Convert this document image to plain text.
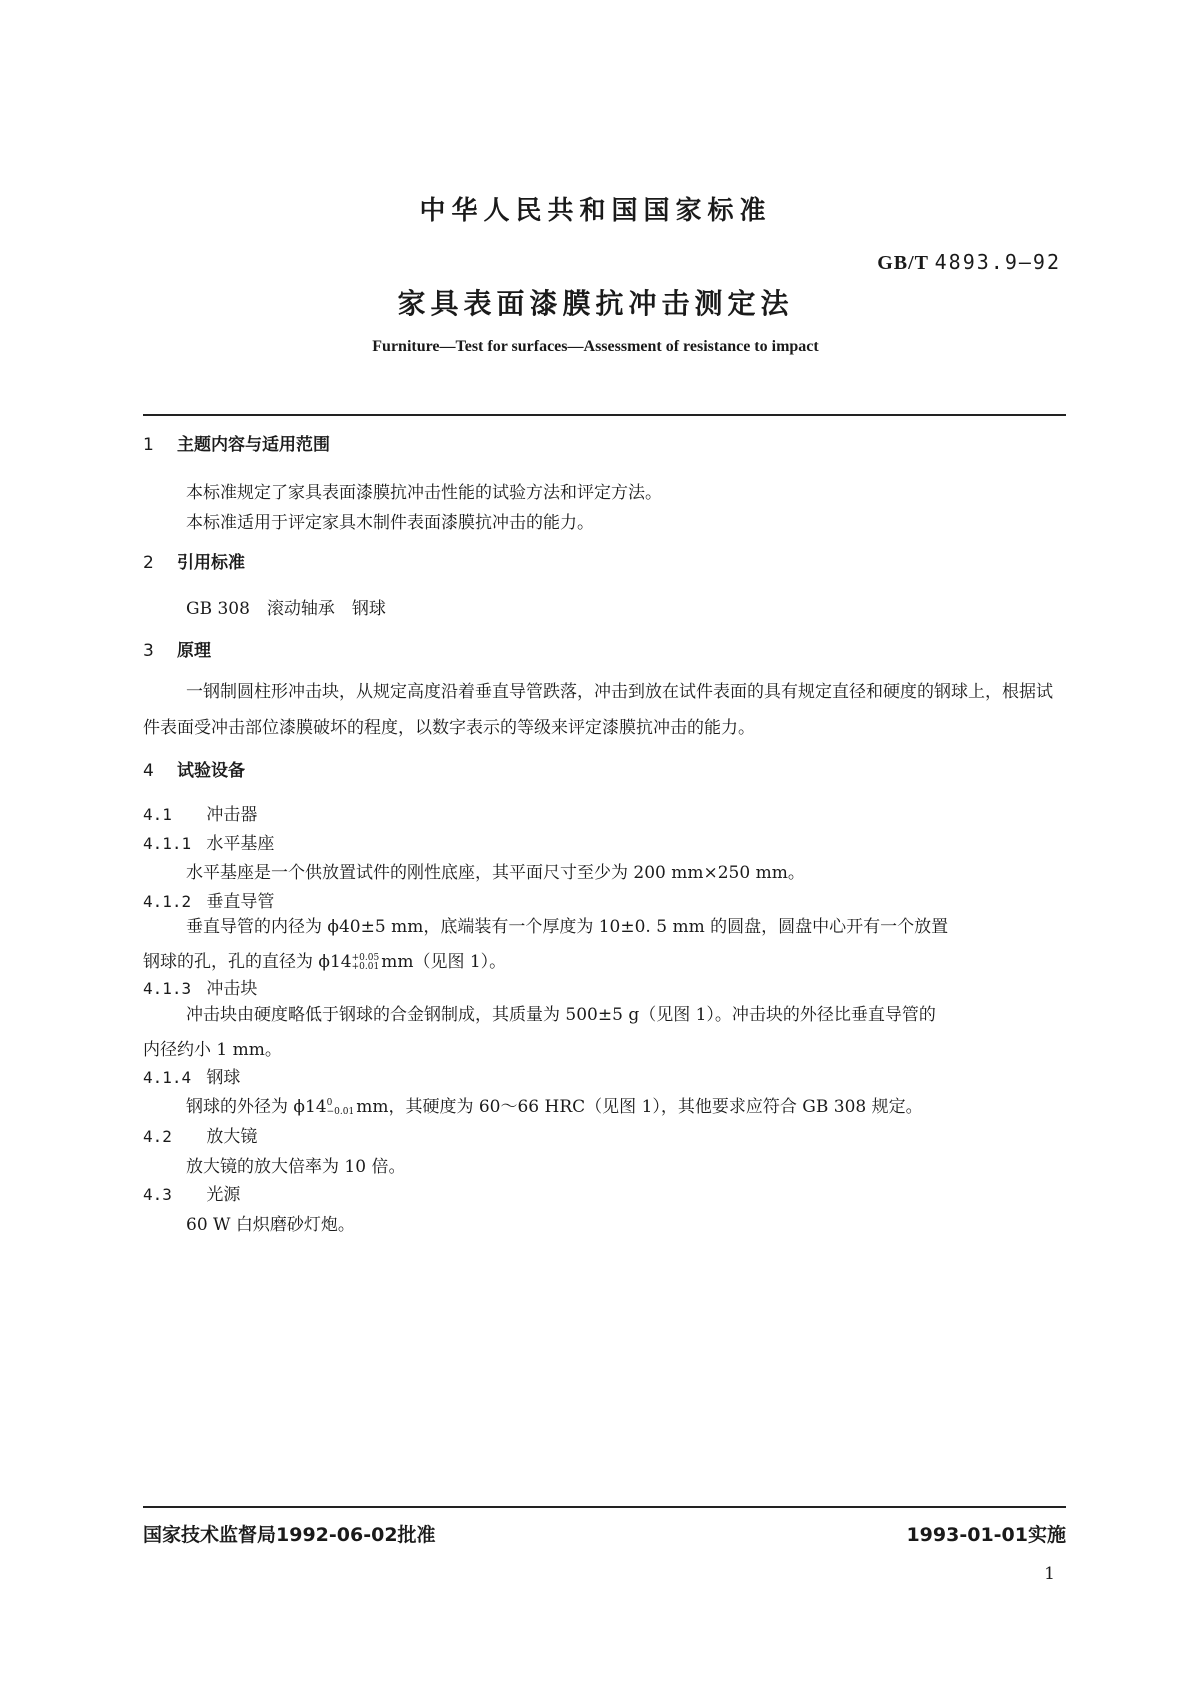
中华人民共和国国家标准
GB/T 4893.9—92
家具表面漆膜抗冲击测定法
Furniture—Test for surfaces—Assessment of resistance to impact
1 主题内容与适用范围
本标准规定了家具表面漆膜抗冲击性能的试验方法和评定方法。
本标准适用于评定家具木制件表面漆膜抗冲击的能力。
2 引用标准
GB 308　滚动轴承　钢球
3 原理
一钢制圆柱形冲击块，从规定高度沿着垂直导管跌落，冲击到放在试件表面的具有规定直径和硬度的钢球上，根据试件表面受冲击部位漆膜破坏的程度，以数字表示的等级来评定漆膜抗冲击的能力。
4 试验设备
4.1 冲击器
4.1.1 水平基座
水平基座是一个供放置试件的刚性底座，其平面尺寸至少为 200 mm×250 mm。
4.1.2 垂直导管
垂直导管的内径为 ϕ40±5 mm，底端装有一个厚度为 10±0. 5 mm 的圆盘，圆盘中心开有一个放置
钢球的孔，孔的直径为 ϕ14+0.05
+0.01 mm（见图 1）。
4.1.3 冲击块
冲击块由硬度略低于钢球的合金钢制成，其质量为 500±5 g（见图 1）。冲击块的外径比垂直导管的
内径约小 1 mm。
4.1.4 钢球
钢球的外径为 ϕ140
−0.01 mm，其硬度为 60～66 HRC（见图 1），其他要求应符合 GB 308 规定。
4.2 放大镜
放大镜的放大倍率为 10 倍。
4.3 光源
60 W 白炽磨砂灯炮。
国家技术监督局1992-06-02批准	1993-01-01实施
1
